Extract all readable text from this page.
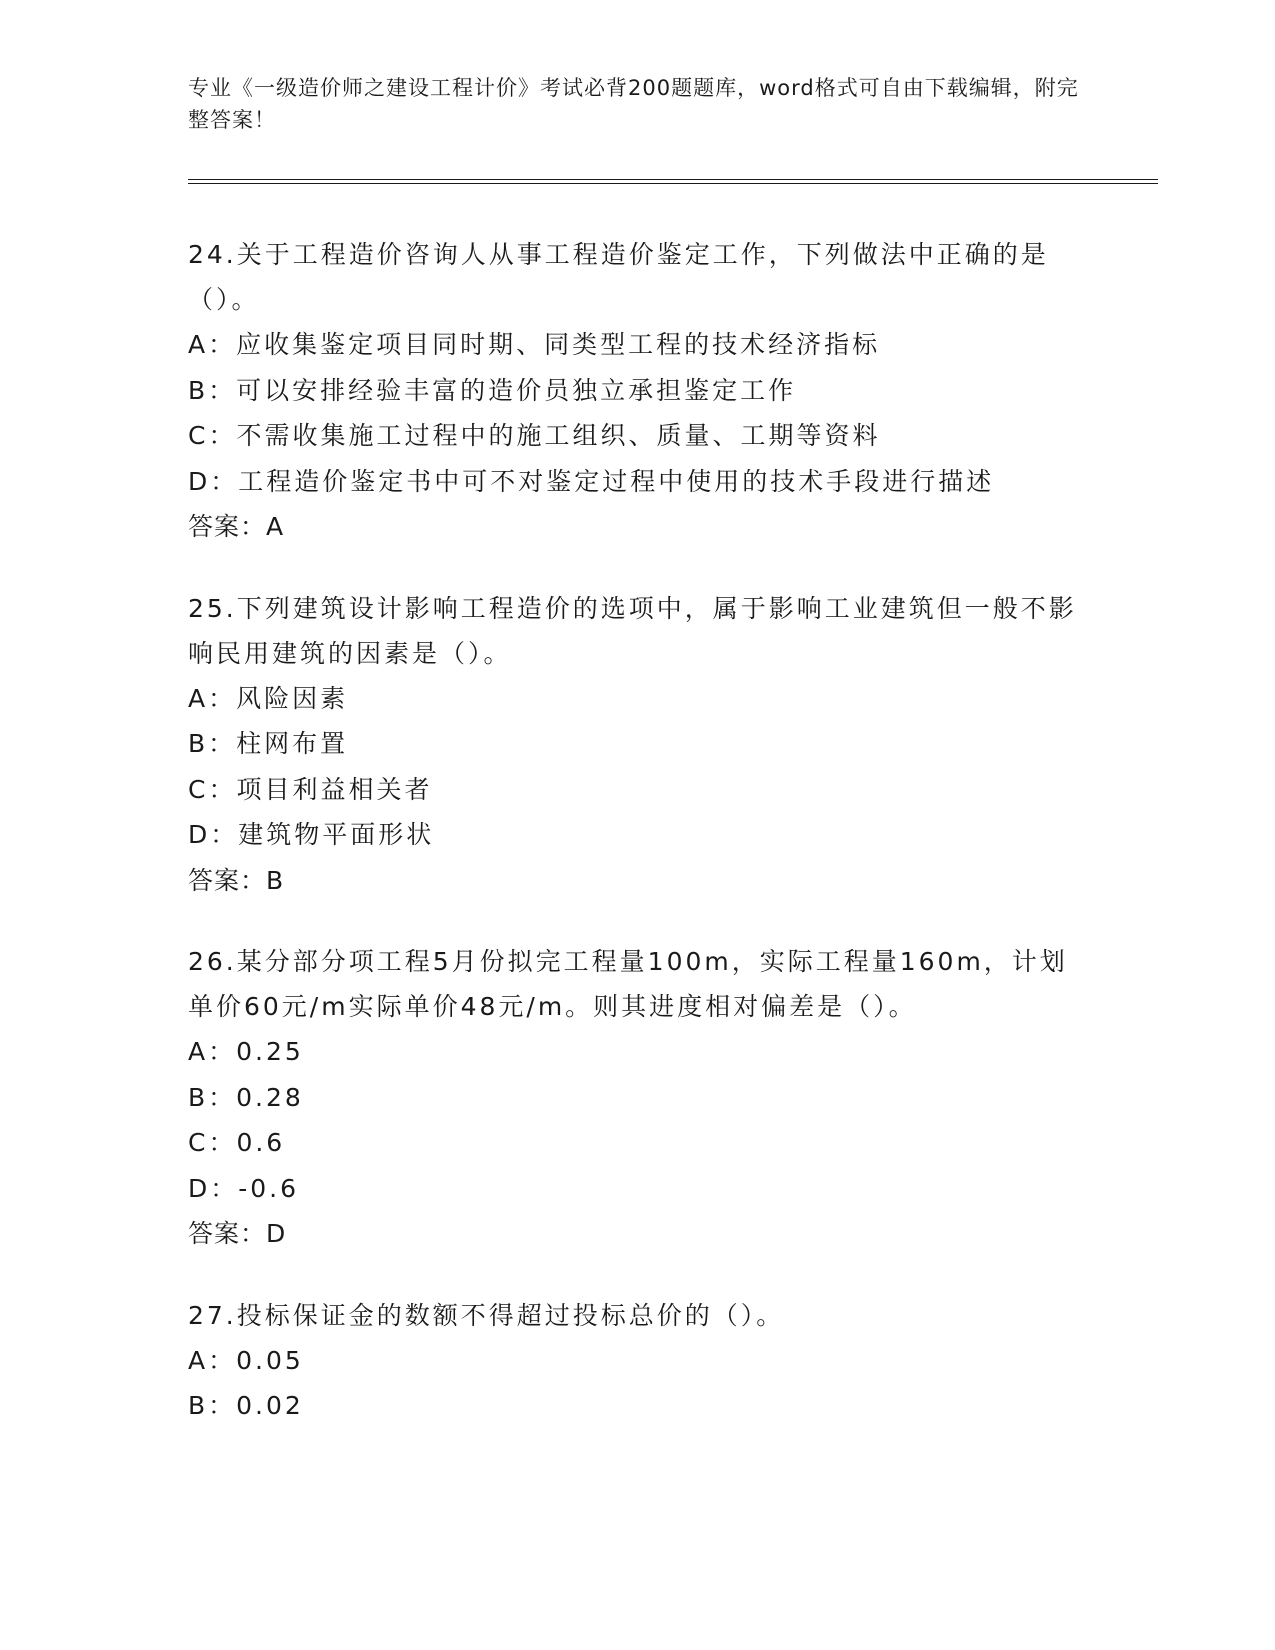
专业《一级造价师之建设工程计价》考试必背200题题库，word格式可自由下载编辑，附完整答案！
24.关于工程造价咨询人从事工程造价鉴定工作，下列做法中正确的是（）。
A：应收集鉴定项目同时期、同类型工程的技术经济指标
B：可以安排经验丰富的造价员独立承担鉴定工作
C：不需收集施工过程中的施工组织、质量、工期等资料
D：工程造价鉴定书中可不对鉴定过程中使用的技术手段进行描述
答案：A
25.下列建筑设计影响工程造价的选项中，属于影响工业建筑但一般不影响民用建筑的因素是（）。
A：风险因素
B：柱网布置
C：项目利益相关者
D：建筑物平面形状
答案：B
26.某分部分项工程5月份拟完工程量100m，实际工程量160m，计划单价60元/m实际单价48元/m。则其进度相对偏差是（）。
A：0.25
B：0.28
C：0.6
D：-0.6
答案：D
27.投标保证金的数额不得超过投标总价的（）。
A：0.05
B：0.02
